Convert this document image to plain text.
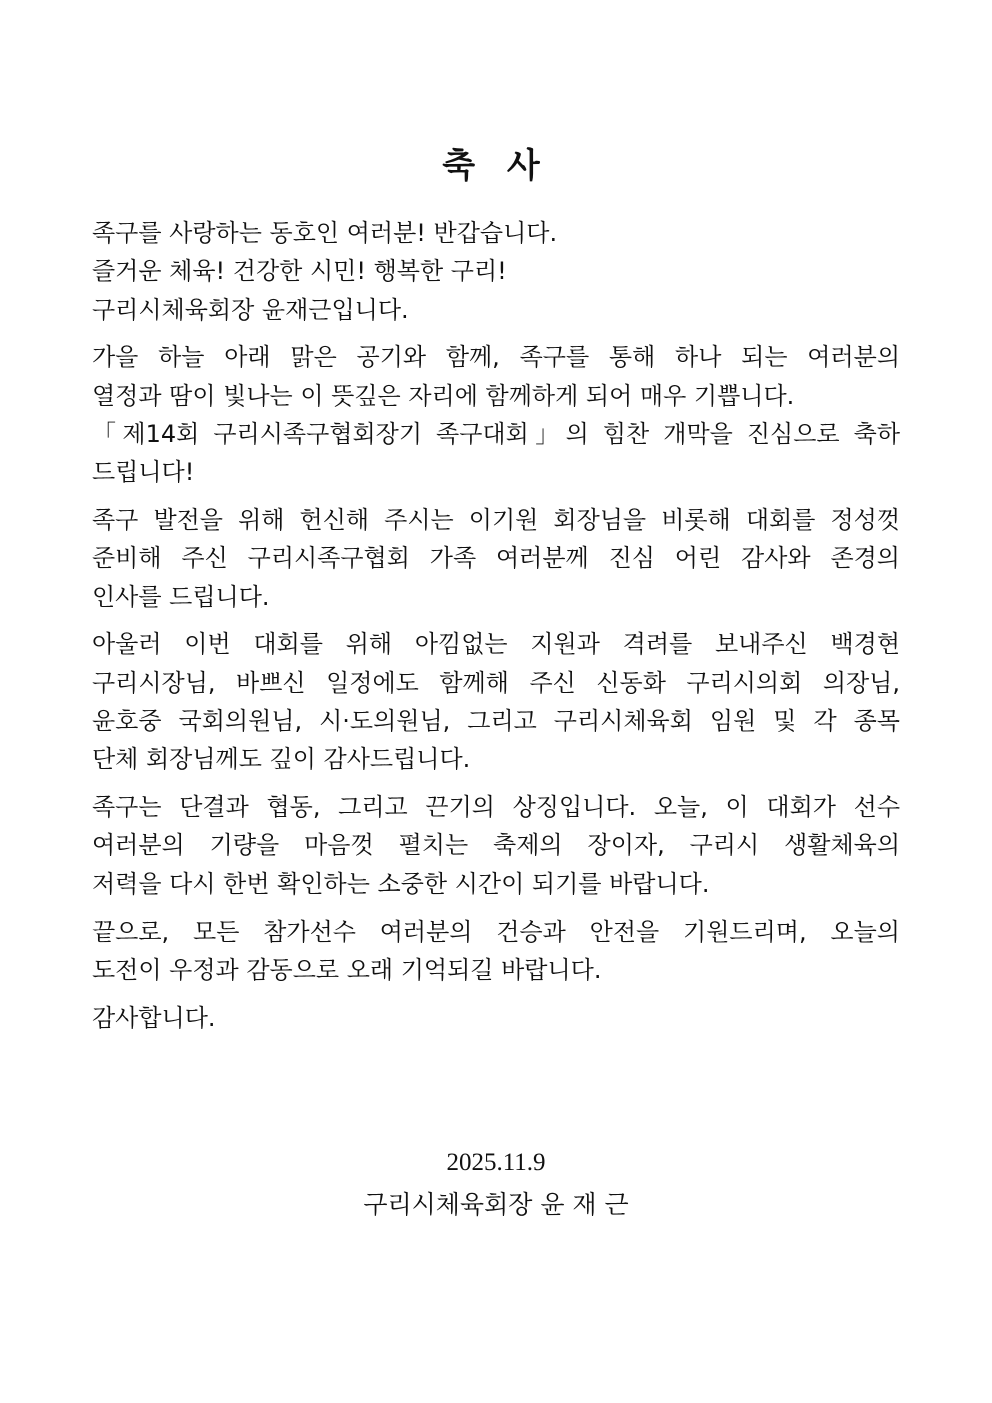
축 사

족구를 사랑하는 동호인 여러분! 반갑습니다.
즐거운 체육! 건강한 시민! 행복한 구리!
구리시체육회장 윤재근입니다.

가을 하늘 아래 맑은 공기와 함께, 족구를 통해 하나 되는 여러분의
열정과 땀이 빛나는 이 뜻깊은 자리에 함께하게 되어 매우 기쁩니다.
「제14회 구리시족구협회장기 족구대회」의 힘찬 개막을 진심으로 축하
드립니다!

족구 발전을 위해 헌신해 주시는 이기원 회장님을 비롯해 대회를 정성껏
준비해 주신 구리시족구협회 가족 여러분께 진심 어린 감사와 존경의
인사를 드립니다.

아울러 이번 대회를 위해 아낌없는 지원과 격려를 보내주신 백경현
구리시장님, 바쁘신 일정에도 함께해 주신 신동화 구리시의회 의장님,
윤호중 국회의원님, 시·도의원님, 그리고 구리시체육회 임원 및 각 종목
단체 회장님께도 깊이 감사드립니다.

족구는 단결과 협동, 그리고 끈기의 상징입니다. 오늘, 이 대회가 선수
여러분의 기량을 마음껏 펼치는 축제의 장이자, 구리시 생활체육의
저력을 다시 한번 확인하는 소중한 시간이 되기를 바랍니다.

끝으로, 모든 참가선수 여러분의 건승과 안전을 기원드리며, 오늘의
도전이 우정과 감동으로 오래 기억되길 바랍니다.

감사합니다.

2025.11.9
구리시체육회장 윤 재 근
